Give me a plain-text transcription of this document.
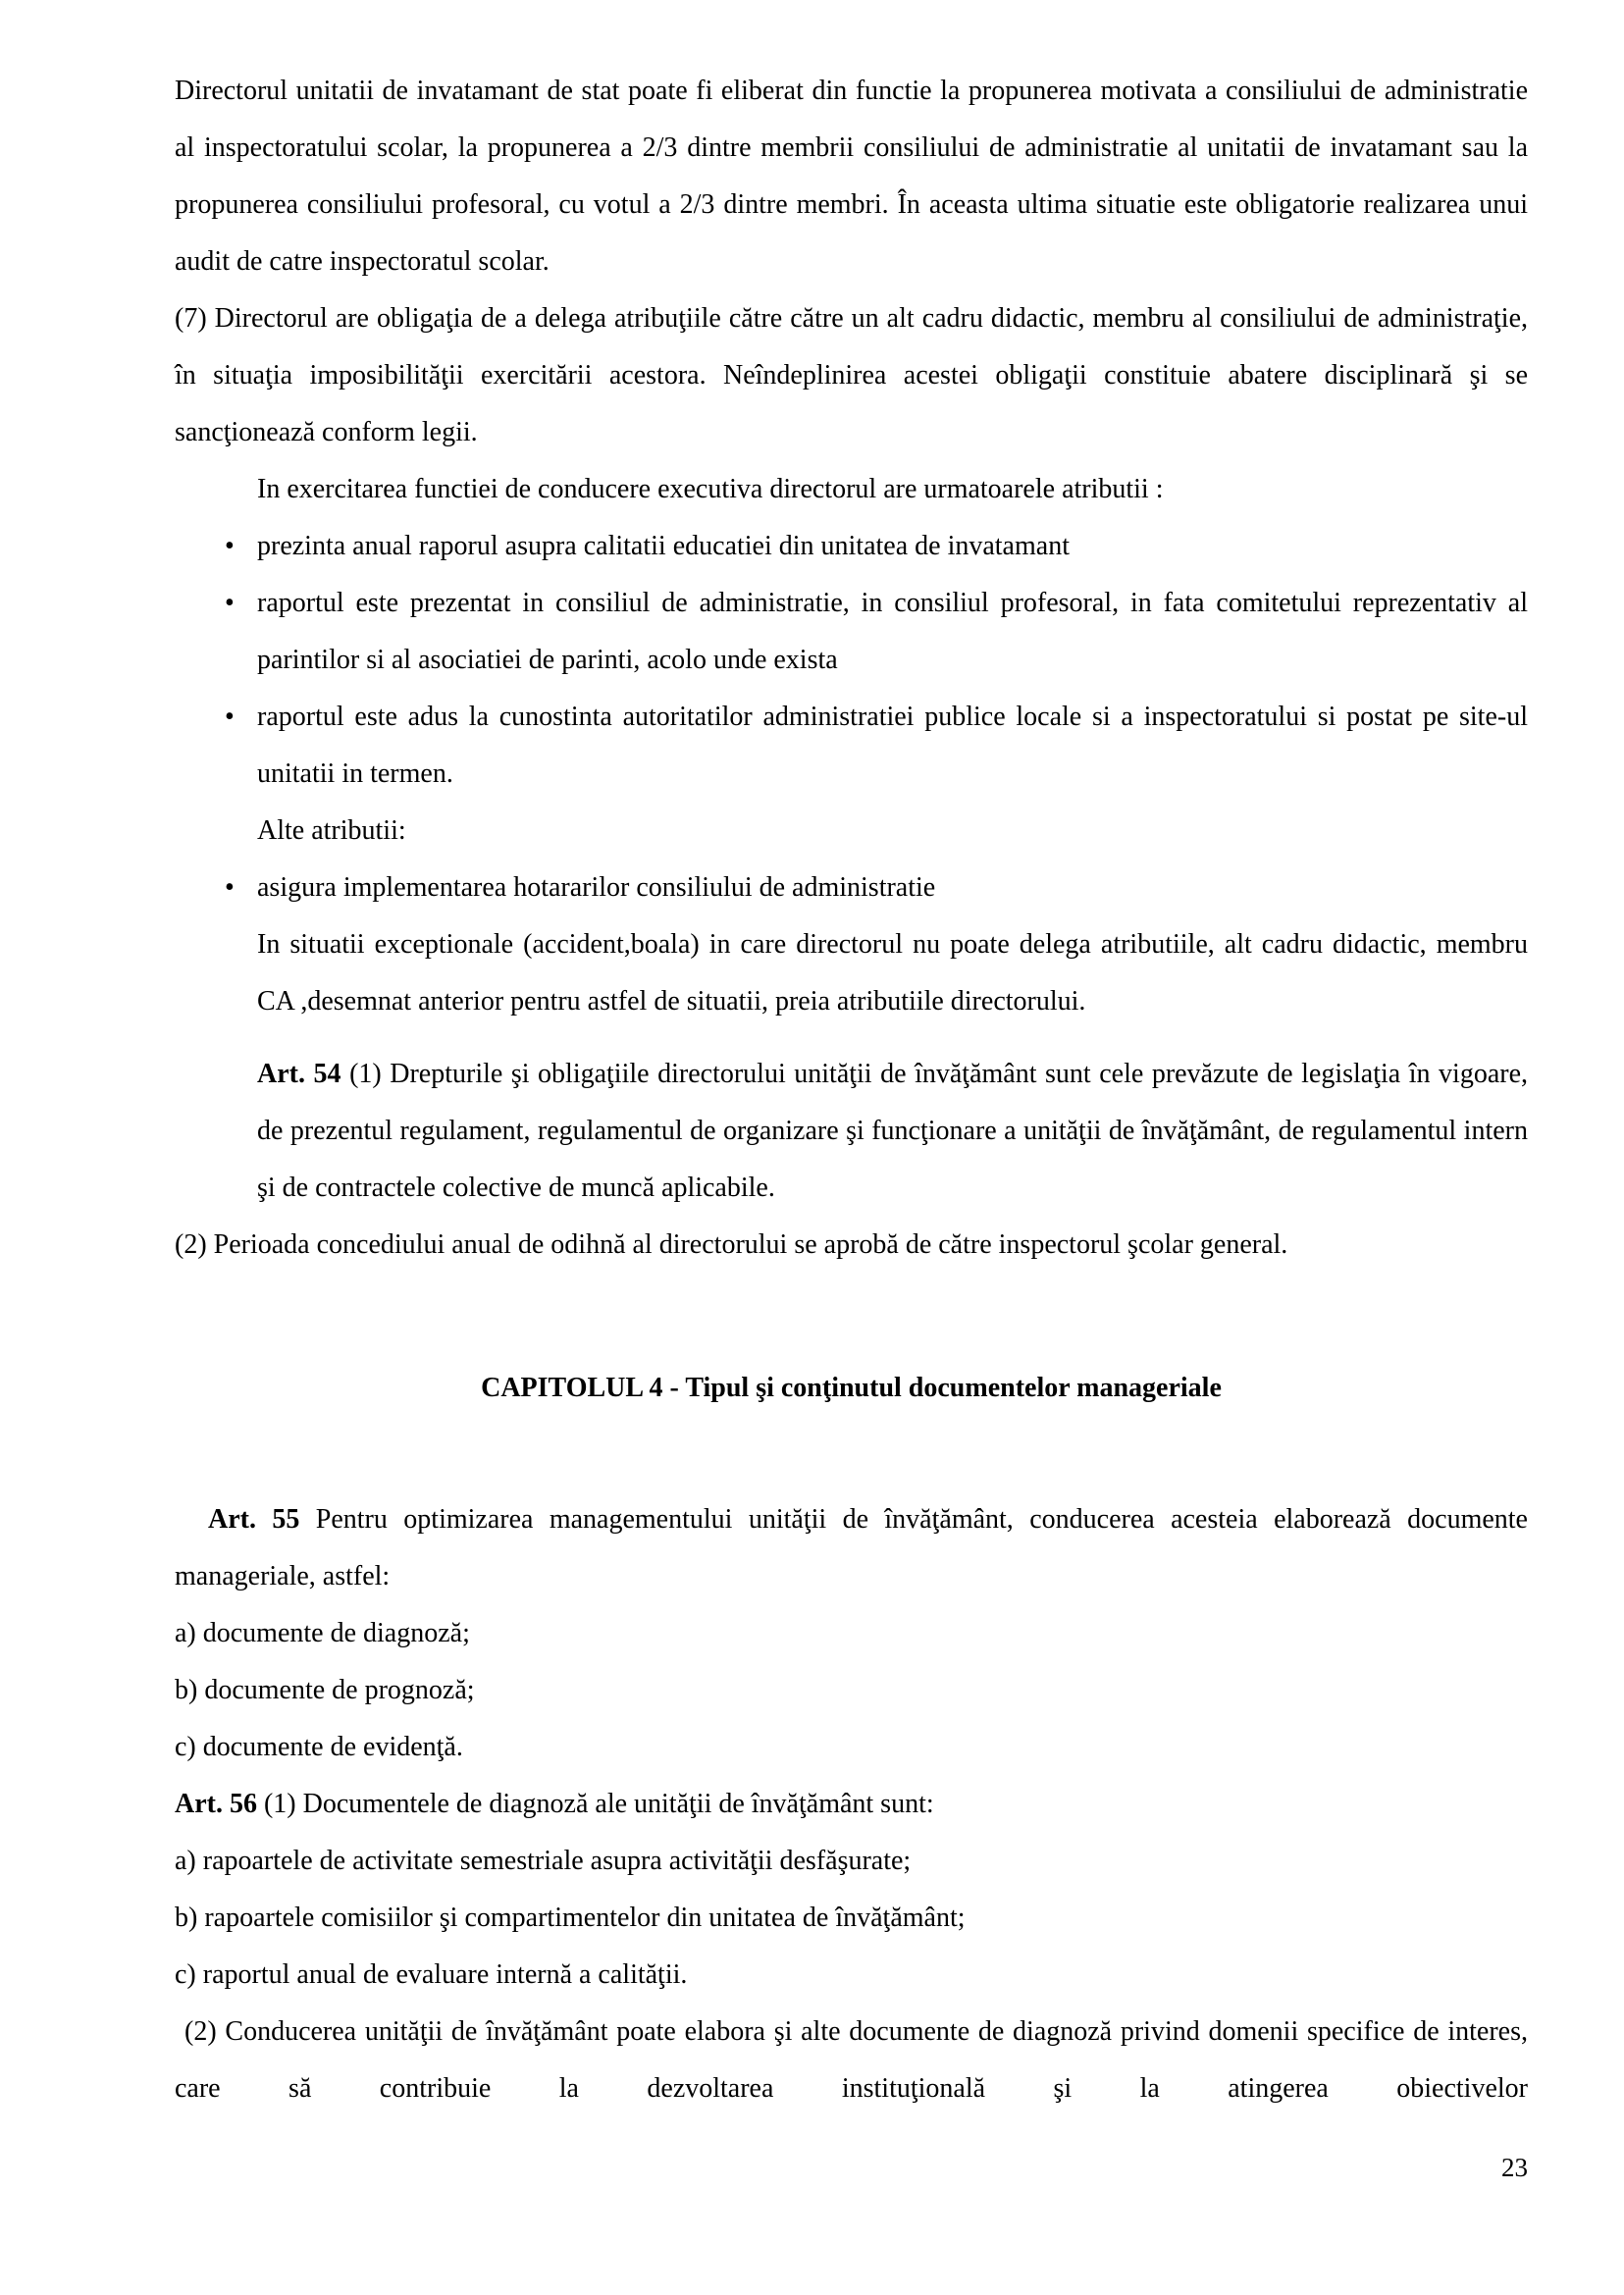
Directorul unitatii de invatamant de stat poate fi eliberat din functie la propunerea motivata a consiliului de administratie al inspectoratului scolar, la propunerea a 2/3 dintre membrii consiliului de administratie al unitatii de invatamant sau la propunerea consiliului profesoral, cu votul a 2/3 dintre membri. În aceasta ultima situatie este obligatorie realizarea unui audit de catre inspectoratul scolar.

(7) Directorul are obligaţia de a delega atribuţiile către către un alt cadru didactic, membru al consiliului de administraţie, în situaţia imposibilităţii exercitării acestora. Neîndeplinirea acestei obligaţii constituie abatere disciplinară şi se sancţionează conform legii.

In exercitarea functiei de conducere executiva directorul are urmatoarele atributii :

• prezinta anual raporul asupra calitatii educatiei din unitatea de invatamant
• raportul este prezentat in consiliul de administratie, in consiliul profesoral, in fata comitetului reprezentativ al parintilor si al asociatiei de parinti, acolo unde exista
• raportul este adus la cunostinta autoritatilor administratiei publice locale si a inspectoratului si postat pe site-ul unitatii in termen.

Alte atributii:

• asigura implementarea hotararilor consiliului de administratie

In situatii exceptionale (accident,boala) in care directorul nu poate delega atributiile, alt cadru didactic, membru CA ,desemnat anterior pentru astfel de situatii, preia atributiile directorului.

Art. 54 (1) Drepturile şi obligaţiile directorului unităţii de învăţământ sunt cele prevăzute de legislaţia în vigoare, de prezentul regulament, regulamentul de organizare şi funcţionare a unităţii de învăţământ, de regulamentul intern şi de contractele colective de muncă aplicabile.

(2) Perioada concediului anual de odihnă al directorului se aprobă de către inspectorul şcolar general.

CAPITOLUL 4 - Tipul şi conţinutul documentelor manageriale

Art. 55 Pentru optimizarea managementului unităţii de învăţământ, conducerea acesteia elaborează documente manageriale, astfel:

a) documente de diagnoză;

b) documente de prognoză;

c) documente de evidenţă.

Art. 56 (1) Documentele de diagnoză ale unităţii de învăţământ sunt:

a) rapoartele de activitate semestriale asupra activităţii desfăşurate;

b) rapoartele comisiilor şi compartimentelor din unitatea de învăţământ;

c) raportul anual de evaluare internă a calităţii.

(2) Conducerea unităţii de învăţământ poate elabora şi alte documente de diagnoză privind domenii specifice de interes, care să contribuie la dezvoltarea instituţională şi la atingerea obiectivelor

23
